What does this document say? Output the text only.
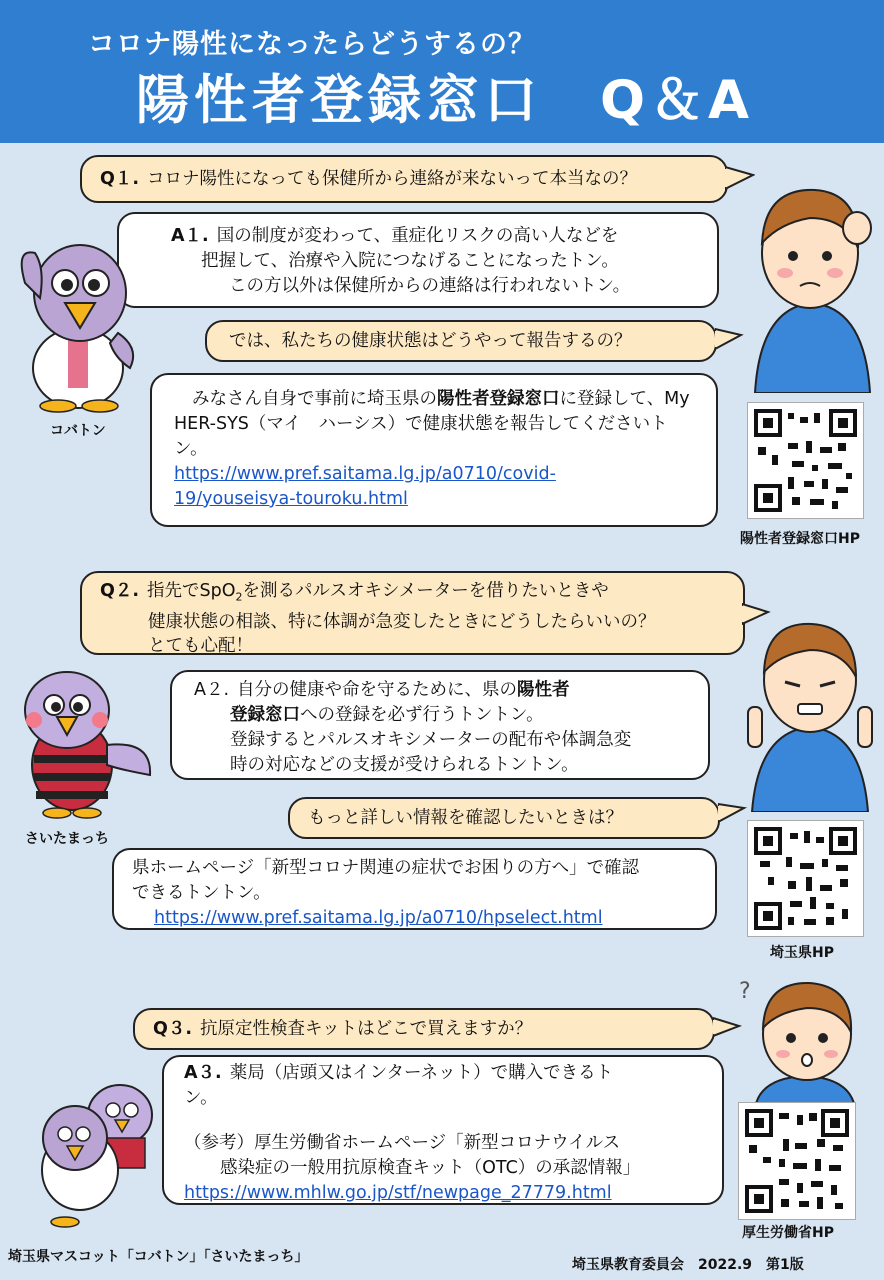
コロナ陽性になったらどうするの？
陽性者登録窓口　Q＆A
Q１. コロナ陽性になっても保健所から連絡が来ないって本当なの？
A１. 国の制度が変わって、重症化リスクの高い人などを
把握して、治療や入院につなげることになったトン。
この方以外は保健所からの連絡は行われないトン。
では、私たちの健康状態はどうやって報告するの？
みなさん自身で事前に埼玉県の陽性者登録窓口に登録して、My HER-SYS（マイ　ハーシス）で健康状態を報告してくださいトン。
https://www.pref.saitama.lg.jp/a0710/covid-
19/youseisya-touroku.html
コバトン
陽性者登録窓口HP
Q２. 指先でSpO$_2$を測るパルスオキシメーターを借りたいときや
健康状態の相談、特に体調が急変したときにどうしたらいいの？
とても心配！
A２. 自分の健康や命を守るために、県の陽性者
登録窓口への登録を必ず行うトントン。
登録するとパルスオキシメーターの配布や体調急変
時の対応などの支援が受けられるトントン。
もっと詳しい情報を確認したいときは？
県ホームページ「新型コロナ関連の症状でお困りの方へ」で確認
できるトントン。
https://www.pref.saitama.lg.jp/a0710/hpselect.html
さいたまっち
埼玉県HP
Q３. 抗原定性検査キットはどこで買えますか？
A３. 薬局（店頭又はインターネット）で購入できるト
ン。
（参考）厚生労働省ホームページ「新型コロナウイルス
感染症の一般用抗原検査キット（OTC）の承認情報」
https://www.mhlw.go.jp/stf/newpage_27779.html
?
厚生労働省HP
埼玉県マスコット「コバトン」「さいたまっち」	埼玉県教育委員会　2022.9　第1版
